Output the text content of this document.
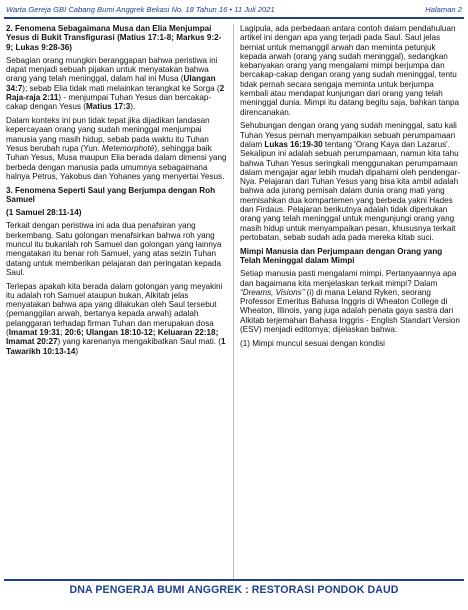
Warta Gereja GBI Cabang Bumi Anggrek Bekasi No. 18 Tahun 16 • 11 Juli 2021	Halaman 2

2. Fenomena Sebagaimana Musa dan Elia Menjumpai Yesus di Bukit Transfigurasi (Matius 17:1-8; Markus 9:2-9; Lukas 9:28-36)

Sebagian orang mungkin beranggapan bahwa peristiwa ini dapat menjadi sebuah pijakan untuk menyatakan bahwa orang yang telah meninggal, dalam hal ini Musa (Ulangan 34:7); sebab Elia tidak mati melainkan terangkat ke Sorga (2 Raja-raja 2:11) - menjumpai Tuhan Yesus dan bercakap-cakap dengan Yesus (Matius 17:3).

Dalam konteks ini pun tidak tepat jika dijadikan landasan kepercayaan orang yang sudah meninggal menjumpai manusia yang masih hidup, sebab pada waktu itu Tuhan Yesus berubah rupa (Yun. Metemorphoté), sehingga baik Tuhan Yesus, Musa maupun Elia berada dalam dimensi yang berbeda dengan manusia pada umumnya sebagaimana halnya Petrus, Yakobus dan Yohanes yang menyertai Yesus.

3. Fenomena Seperti Saul yang Berjumpa dengan Roh Samuel

(1 Samuel 28:11-14)

Terkait dengan peristiwa ini ada dua penafsiran yang berkembang. Satu golongan menafsirkan bahwa roh yang muncul itu bukanlah roh Samuel dan golongan yang lainnya mengatakan itu benar roh Samuel, yang atas seizin Tuhan datang untuk memberikan pelajaran dan peringatan kepada Saul.

Terlepas apakah kita berada dalam golongan yang meyakini itu adalah roh Samuel ataupun bukan, Alkitab jelas menyatakan bahwa apa yang dilakukan oleh Saul tersebut (pemanggilan arwah, bertanya kepada arwah) adalah pelanggaran terhadap firman Tuhan dan merupakan dosa (Imamat 19:31; 20:6; Ulangan 18:10-12; Keluaran 22:18; Imamat 20:27) yang karenanya mengakibatkan Saul mati. (1 Tawarikh 10:13-14)

Lagipula, ada perbedaan antara contoh dalam pendahuluan artikel ini dengan apa yang terjadi pada Saul. Saul jelas berniat untuk memanggil arwah dan meminta petunjuk kepada arwah (orang yang sudah meninggal), sedangkan kebanyakan orang yang mengalami mimpi berjumpa dan bercakap-cakap dengan orang yang sudah meninggal, tentu tidak pernah secara sengaja meminta untuk berjumpa kembali atau mendapat kunjungan dari orang yang telah meninggal dunia. Mimpi itu datang begitu saja, bahkan tanpa direncanakan.

Sehubungan dengan orang yang sudah meninggal, satu kali Tuhan Yesus pernah menyampaikan sebuah perumpamaan dalam Lukas 16:19-30 tentang 'Orang Kaya dan Lazarus'. Sekalipun ini adalah sebuah perumpamaan, namun kita tahu bahwa Tuhan Yesus seringkali menggunakan perumpamaan dalam mengajar agar lebih mudah dipahami oleh pendengar-Nya. Pelajaran dari Tuhan Yesus yang bisa kita ambil adalah bahwa ada jurang pemisah dalam dunia orang mati yang memisahkan dua kompartemen yang berbeda yakni Hades dan Firdaus. Pelajaran berikutnya adalah tidak diperlukan orang yang telah meninggal untuk mengunjungi orang yang masih hidup untuk menyampaikan pesan, khususnya terkait pertobatan, sebab sudah ada pada mereka kitab suci.

Mimpi Manusia dan Perjumpaan dengan Orang yang Telah Meninggal dalam Mimpi

Setiap manusia pasti mengalami mimpi. Pertanyaannya apa dan bagaimana kita menjelaskan terkait mimpi? Dalam “Dreams, Visions” (i) di mana Leland Ryken, seorang Professor Emeritus Bahasa Inggris di Wheaton College di Wheaton, Illinois, yang juga adalah penata gaya sastra dari Alkitab terjemahan Bahasa Inggris - English Standart Version (ESV) menjadi editornya; dijelaskan bahwa:

(1) Mimpi muncul sesuai dengan kondisi

DNA PENGERJA BUMI ANGGREK : RESTORASI PONDOK DAUD
